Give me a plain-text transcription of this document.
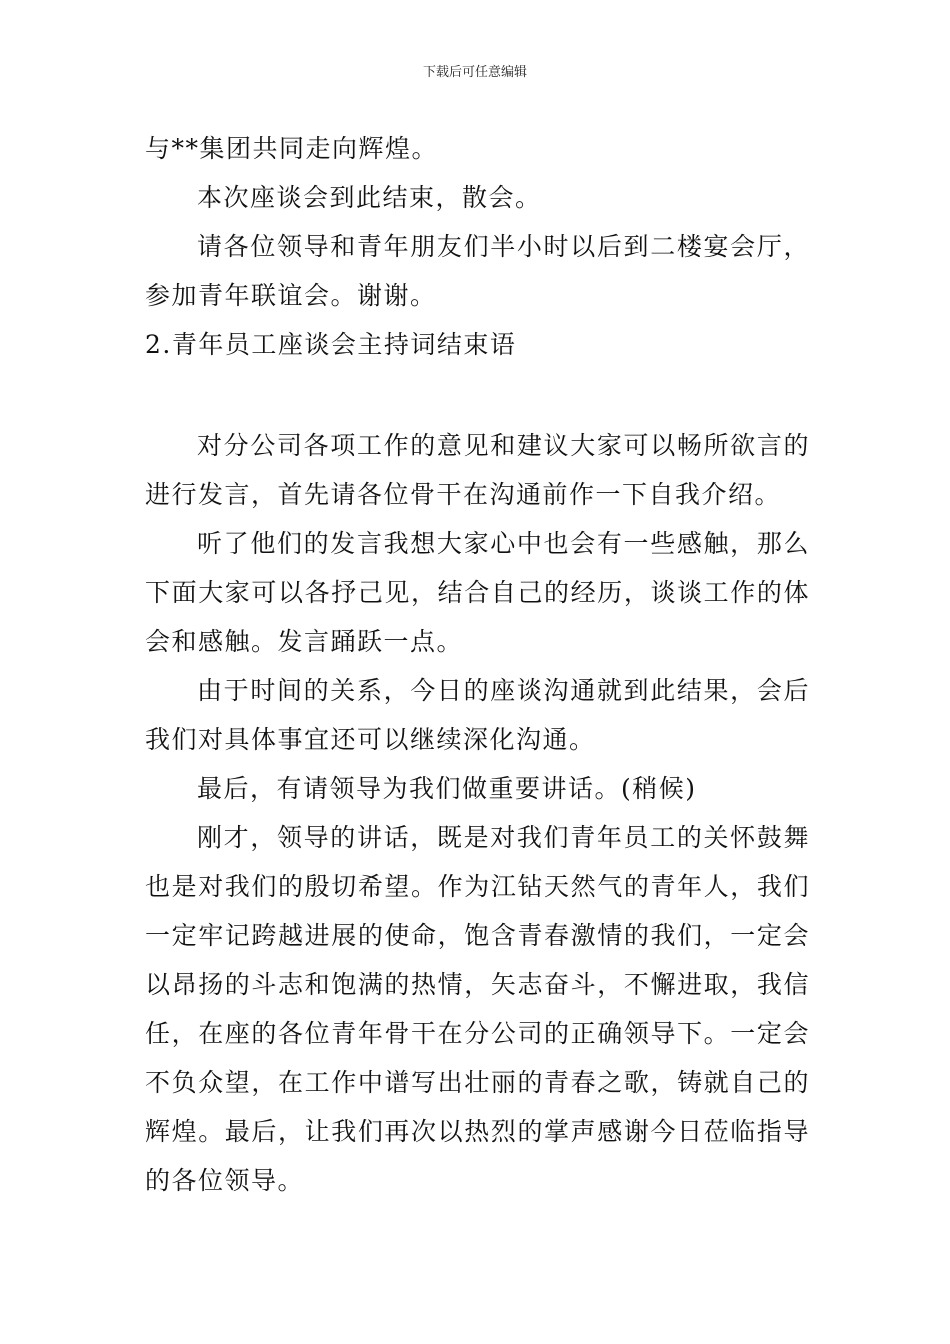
下载后可任意编辑

与**集团共同走向辉煌。

本次座谈会到此结束，散会。

请各位领导和青年朋友们半小时以后到二楼宴会厅，参加青年联谊会。谢谢。

2.青年员工座谈会主持词结束语

对分公司各项工作的意见和建议大家可以畅所欲言的进行发言，首先请各位骨干在沟通前作一下自我介绍。

听了他们的发言我想大家心中也会有一些感触，那么下面大家可以各抒己见，结合自己的经历，谈谈工作的体会和感触。发言踊跃一点。

由于时间的关系，今日的座谈沟通就到此结果，会后我们对具体事宜还可以继续深化沟通。

最后，有请领导为我们做重要讲话。(稍候)

刚才，领导的讲话，既是对我们青年员工的关怀鼓舞也是对我们的殷切希望。作为江钻天然气的青年人，我们一定牢记跨越进展的使命，饱含青春激情的我们，一定会以昂扬的斗志和饱满的热情，矢志奋斗，不懈进取，我信任，在座的各位青年骨干在分公司的正确领导下。一定会不负众望，在工作中谱写出壮丽的青春之歌，铸就自己的辉煌。最后，让我们再次以热烈的掌声感谢今日莅临指导的各位领导。
